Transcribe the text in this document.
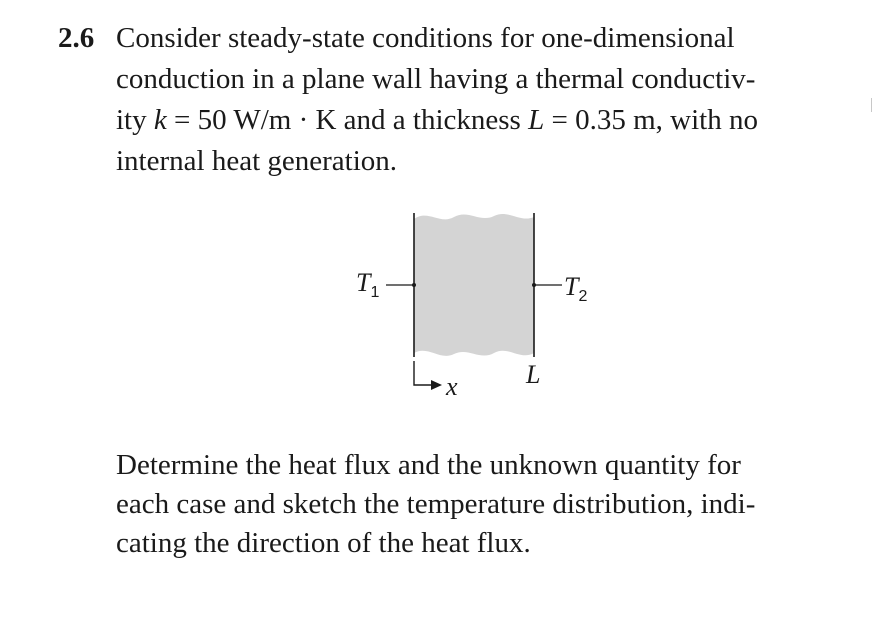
2.6 Consider steady-state conditions for one-dimensional
conduction in a plane wall having a thermal conductiv-
ity k = 50 W/m · K and a thickness L = 0.35 m, with no
internal heat generation.
$T_1$	$T_2$
L
x
Determine the heat flux and the unknown quantity for
each case and sketch the temperature distribution, indi-
cating the direction of the heat flux.
